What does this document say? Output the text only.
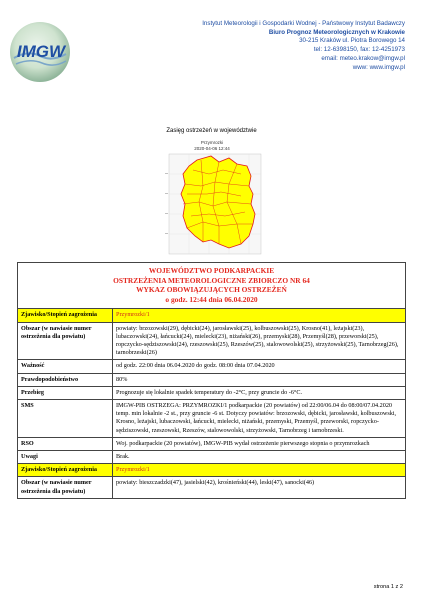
IMGW
Instytut Meteorologii i Gospodarki Wodnej - Państwowy Instytut Badawczy
Biuro Prognoz Meteorologicznych w Krakowie
30-215 Kraków ul. Piotra Borowego 14
tel: 12-6398150, fax: 12-4251973
email: meteo.krakow@imgw.pl
www: www.imgw.pl
Zasięg ostrzeżeń w województwie
Przymrozki
2020-04-06 12:44
WOJEWÓDZTWO PODKARPACKIE
OSTRZEŻENIA METEOROLOGICZNE ZBIORCZO NR 64
WYKAZ OBOWIĄZUJĄCYCH OSTRZEŻEŃ
o godz. 12:44 dnia 06.04.2020	

Zjawisko/Stopień zagrożenia	Przymrozki/1
Obszar (w nawiasie numer ostrzeżenia dla powiatu)	powiaty: brzozowski(29), dębicki(24), jarosławski(25), kolbuszowski(25), Krosno(41), leżajski(23), lubaczowski(24), łańcucki(24), mielecki(23), niżański(26), przemyski(28), Przemyśl(28), przeworski(25), ropczycko-sędziszowski(24), rzeszowski(25), Rzeszów(25), stalowowolski(25), strzyżowski(25), Tarnobrzeg(26), tarnobrzeski(26)
Ważność	od godz. 22:00 dnia 06.04.2020 do godz. 08:00 dnia 07.04.2020
Prawdopodobieństwo	80%
Przebieg	Prognozuje się lokalnie spadek temperatury do -2°C, przy gruncie do -6°C.
SMS	IMGW-PIB OSTRZEGA: PRZYMROZKI/1 podkarpackie (20 powiatów) od 22:00/06.04 do 08:00/07.04.2020 temp. min lokalnie -2 st., przy gruncie -6 st. Dotyczy powiatów: brzozowski, dębicki, jarosławski, kolbuszowski, Krosno, leżajski, lubaczowski, łańcucki, mielecki, niżański, przemyski, Przemyśl, przeworski, ropczycko-sędziszowski, rzeszowski, Rzeszów, stalowowolski, strzyżowski, Tarnobrzeg i tarnobrzeski.
RSO	Woj. podkarpackie (20 powiatów), IMGW-PIB wydał ostrzeżenie pierwszego stopnia o przymrozkach
Uwagi	Brak.
Zjawisko/Stopień zagrożenia	Przymrozki/1
Obszar (w nawiasie numer ostrzeżenia dla powiatu)	powiaty: bieszczadzki(47), jasielski(42), krośnieński(44), leski(47), sanocki(46)
strona 1 z 2
